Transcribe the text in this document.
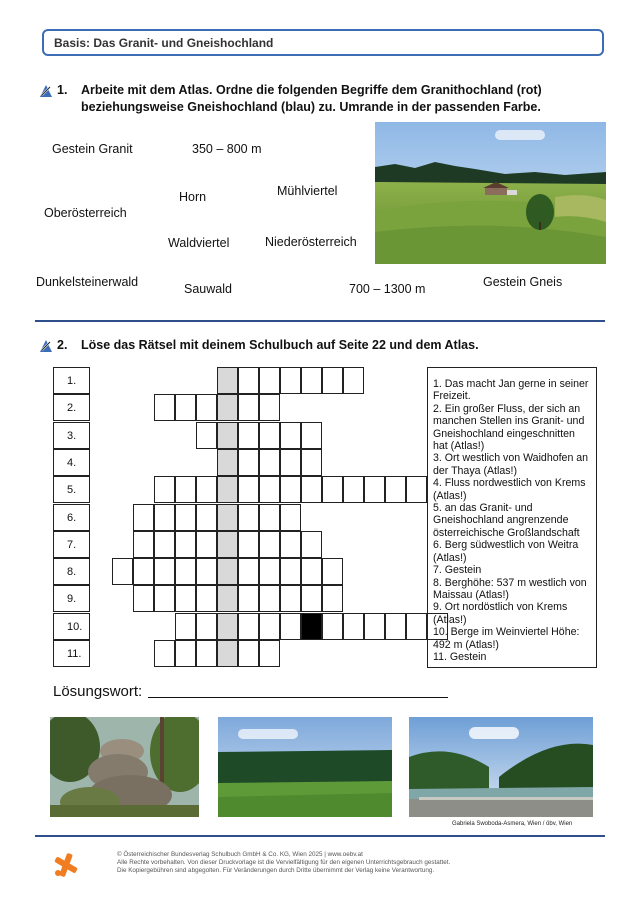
Basis: Das Granit- und Gneishochland
1. Arbeite mit dem Atlas. Ordne die folgenden Begriffe dem Granithochland (rot)
beziehungsweise Gneishochland (blau) zu. Umrande in der passenden Farbe.
Gestein Granit	350 – 800 m
Horn	Mühlviertel
Oberösterreich
Waldviertel	Niederösterreich
Dunkelsteinerwald	Sauwald	700 – 1300 m	Gestein Gneis
2. Löse das Rätsel mit deinem Schulbuch auf Seite 22 und dem Atlas.
1.
2.
3.
4.
5.
6.
7.
8.
9.
10.
11.
1. Das macht Jan gerne in seiner Freizeit.
2. Ein großer Fluss, der sich an manchen Stellen ins Granit- und Gneishochland eingeschnitten hat (Atlas!)
3. Ort westlich von Waidhofen an der Thaya (Atlas!)
4. Fluss nordwestlich von Krems (Atlas!)
5. an das Granit- und Gneishochland angrenzende österreichische Großlandschaft
6. Berg südwestlich von Weitra (Atlas!)
7. Gestein
8. Berghöhe: 537 m westlich von Maissau (Atlas!)
9. Ort nordöstlich von Krems (Atlas!)
10. Berge im Weinviertel Höhe: 492 m (Atlas!)
11. Gestein
Lösungswort:
Gabriela Swoboda-Asmera, Wien / öbv, Wien
© Österreichischer Bundesverlag Schulbuch GmbH & Co. KG, Wien 2025 | www.oebv.at
Alle Rechte vorbehalten. Von dieser Druckvorlage ist die Vervielfältigung für den eigenen Unterrichtsgebrauch gestattet.
Die Kopiergebühren sind abgegolten. Für Veränderungen durch Dritte übernimmt der Verlag keine Verantwortung.
